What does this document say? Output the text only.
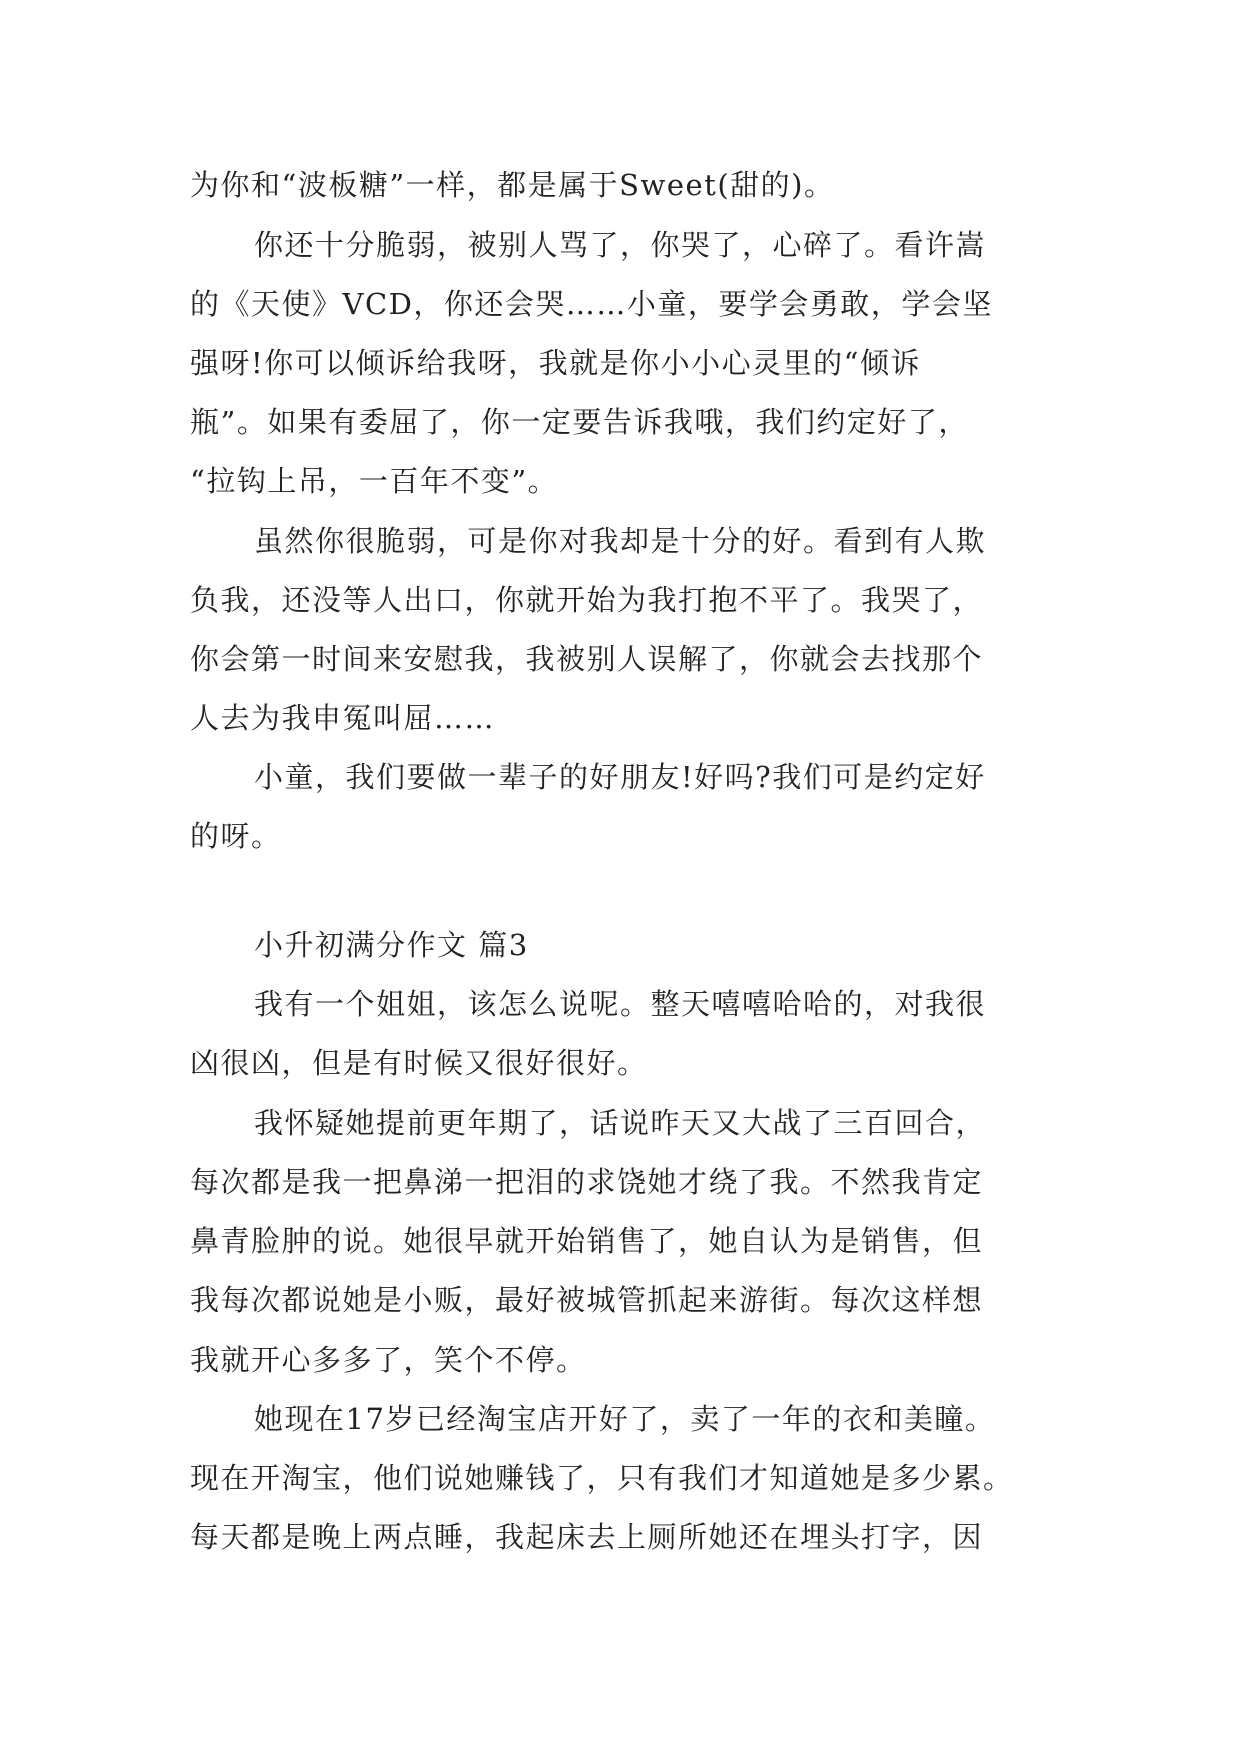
为你和“波板糖”一样，都是属于Sweet(甜的)。
你还十分脆弱，被别人骂了，你哭了，心碎了。看许嵩
的《天使》VCD，你还会哭……小童，要学会勇敢，学会坚
强呀!你可以倾诉给我呀，我就是你小小心灵里的“倾诉
瓶”。如果有委屈了，你一定要告诉我哦，我们约定好了，
“拉钩上吊，一百年不变”。
虽然你很脆弱，可是你对我却是十分的好。看到有人欺
负我，还没等人出口，你就开始为我打抱不平了。我哭了，
你会第一时间来安慰我，我被别人误解了，你就会去找那个
人去为我申冤叫屈……
小童，我们要做一辈子的好朋友!好吗?我们可是约定好
的呀。
小升初满分作文 篇3
我有一个姐姐，该怎么说呢。整天嘻嘻哈哈的，对我很
凶很凶，但是有时候又很好很好。
我怀疑她提前更年期了，话说昨天又大战了三百回合，
每次都是我一把鼻涕一把泪的求饶她才绕了我。不然我肯定
鼻青脸肿的说。她很早就开始销售了，她自认为是销售，但
我每次都说她是小贩，最好被城管抓起来游街。每次这样想
我就开心多多了，笑个不停。
她现在17岁已经淘宝店开好了，卖了一年的衣和美瞳。
现在开淘宝，他们说她赚钱了，只有我们才知道她是多少累。
每天都是晚上两点睡，我起床去上厕所她还在埋头打字，因
